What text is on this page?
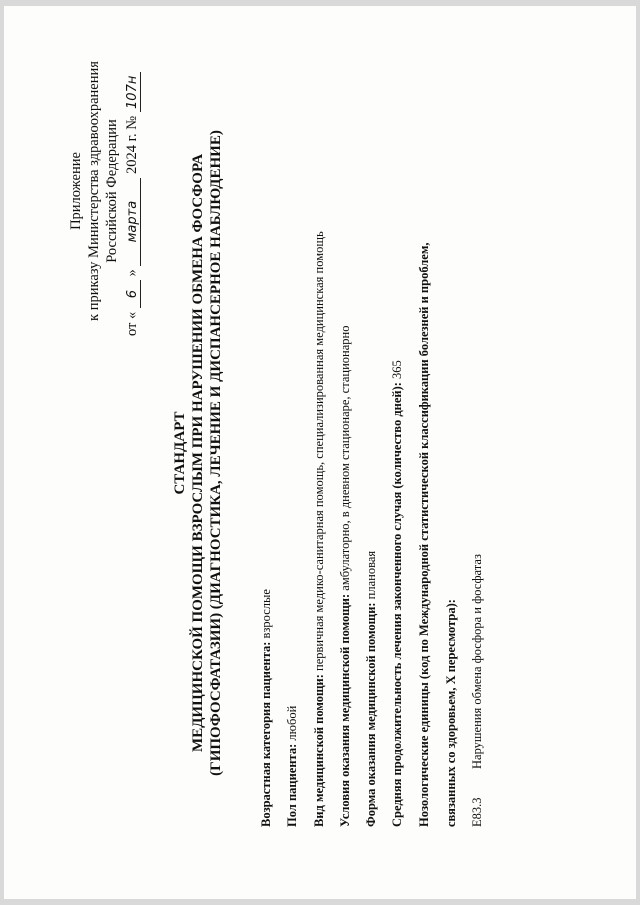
Приложение к приказу Министерства здравоохранения Российской Федерации
от « 6 » марта 2024 г. № 107н
СТАНДАРТ МЕДИЦИНСКОЙ ПОМОЩИ ВЗРОСЛЫМ ПРИ НАРУШЕНИИ ОБМЕНА ФОСФОРА (ГИПОФОСФАТАЗИИ) (ДИАГНОСТИКА, ЛЕЧЕНИЕ И ДИСПАНСЕРНОЕ НАБЛЮДЕНИЕ)	Возрастная категория пациента: взрослые
Пол пациента: любой Вид медицинской помощи: первичная медико-санитарная помощь, специализированная медицинская помощь
Условия оказания медицинской помощи: амбулаторно, в дневном стационаре, стационарно
Форма оказания медицинской помощи: плановая Средняя продолжительность лечения законченного случая (количество дней): 365 Нозологические единицы (код по Международной статистической классификации болезней и проблем, связанных со здоровьем, X пересмотра): E83.3
Нарушения обмена фосфора и фосфатаз
